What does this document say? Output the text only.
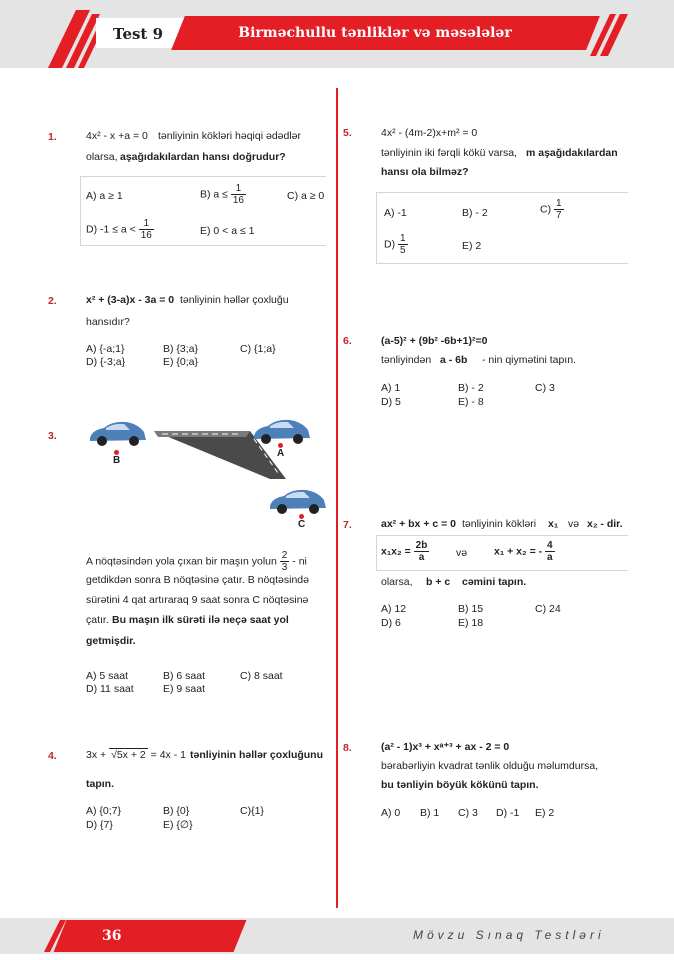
Test 9	Birməchullu tənliklər və məsələlər
1.	4x² - x +a = 0 tənliyinin kökləri həqiqi ədədlər
olarsa, aşağıdakılardan hansı doğrudur?
A) a ≥ 1	B) $a \le \frac{1}{16}$	C) a ≥ 0
D) $-1 \le a < \frac{1}{16}$	E) 0 < a ≤ 1
2.	x² + (3-a)x - 3a = 0 tənliyinin həllər çoxluğu
hansıdır?
A) {-a;1}	B) {3;a}	C) {1;a}
D) {-3;a}	E) {0;a}
3.
B
A
C
A nöqtəsindən yola çıxan bir maşın yolun $\frac{2}{3}$ - ni
getdikdən sonra B nöqtəsinə çatır. B nöqtəsində
sürətini 4 qat artıraraq 9 saat sonra C nöqtəsinə
çatır. Bu maşın ilk sürəti ilə neçə saat yol
getmişdir.
A) 5 saat	B) 6 saat	C) 8 saat
D) 11 saat	E) 9 saat
4.	3x + √5x + 2 = 4x - 1 tənliyinin həllər çoxluğunu
tapın.
A) {0;7}	B) {0}	C){1}
D) {7}	E) {∅}
5.	4x² - (4m-2)x+m² = 0
tənliyinin iki fərqli kökü varsa, m aşağıdakılardan
hansı ola bilməz?
A) -1	B) - 2	$C) \frac{1}{7}$
$D) \frac{1}{5}$	E) 2
6.	(a-5)² + (9b² -6b+1)²=0
tənliyindən a - 6b - nin qiymətini tapın.
A) 1	B) - 2	C) 3
D) 5	E) - 8
7.	ax² + bx + c = 0 tənliyinin kökləri x₁ və x₂ - dir.
$x_1x_2 = \frac{2b}{a}$	və	x₁ + x₂ = - $\frac{4}{a}$
olarsa, b + c cəmini tapın.
A) 12	B) 15	C) 24
D) 6	E) 18
8.	(a² - 1)x³ + xᵃ⁺³ + ax - 2 = 0
bərabərliyin kvadrat tənlik olduğu məlumdursa,
bu tənliyin böyük kökünü tapın.
A) 0 B) 1 C) 3 D) -1 E) 2
36	Mövzu Sınaq Testləri
